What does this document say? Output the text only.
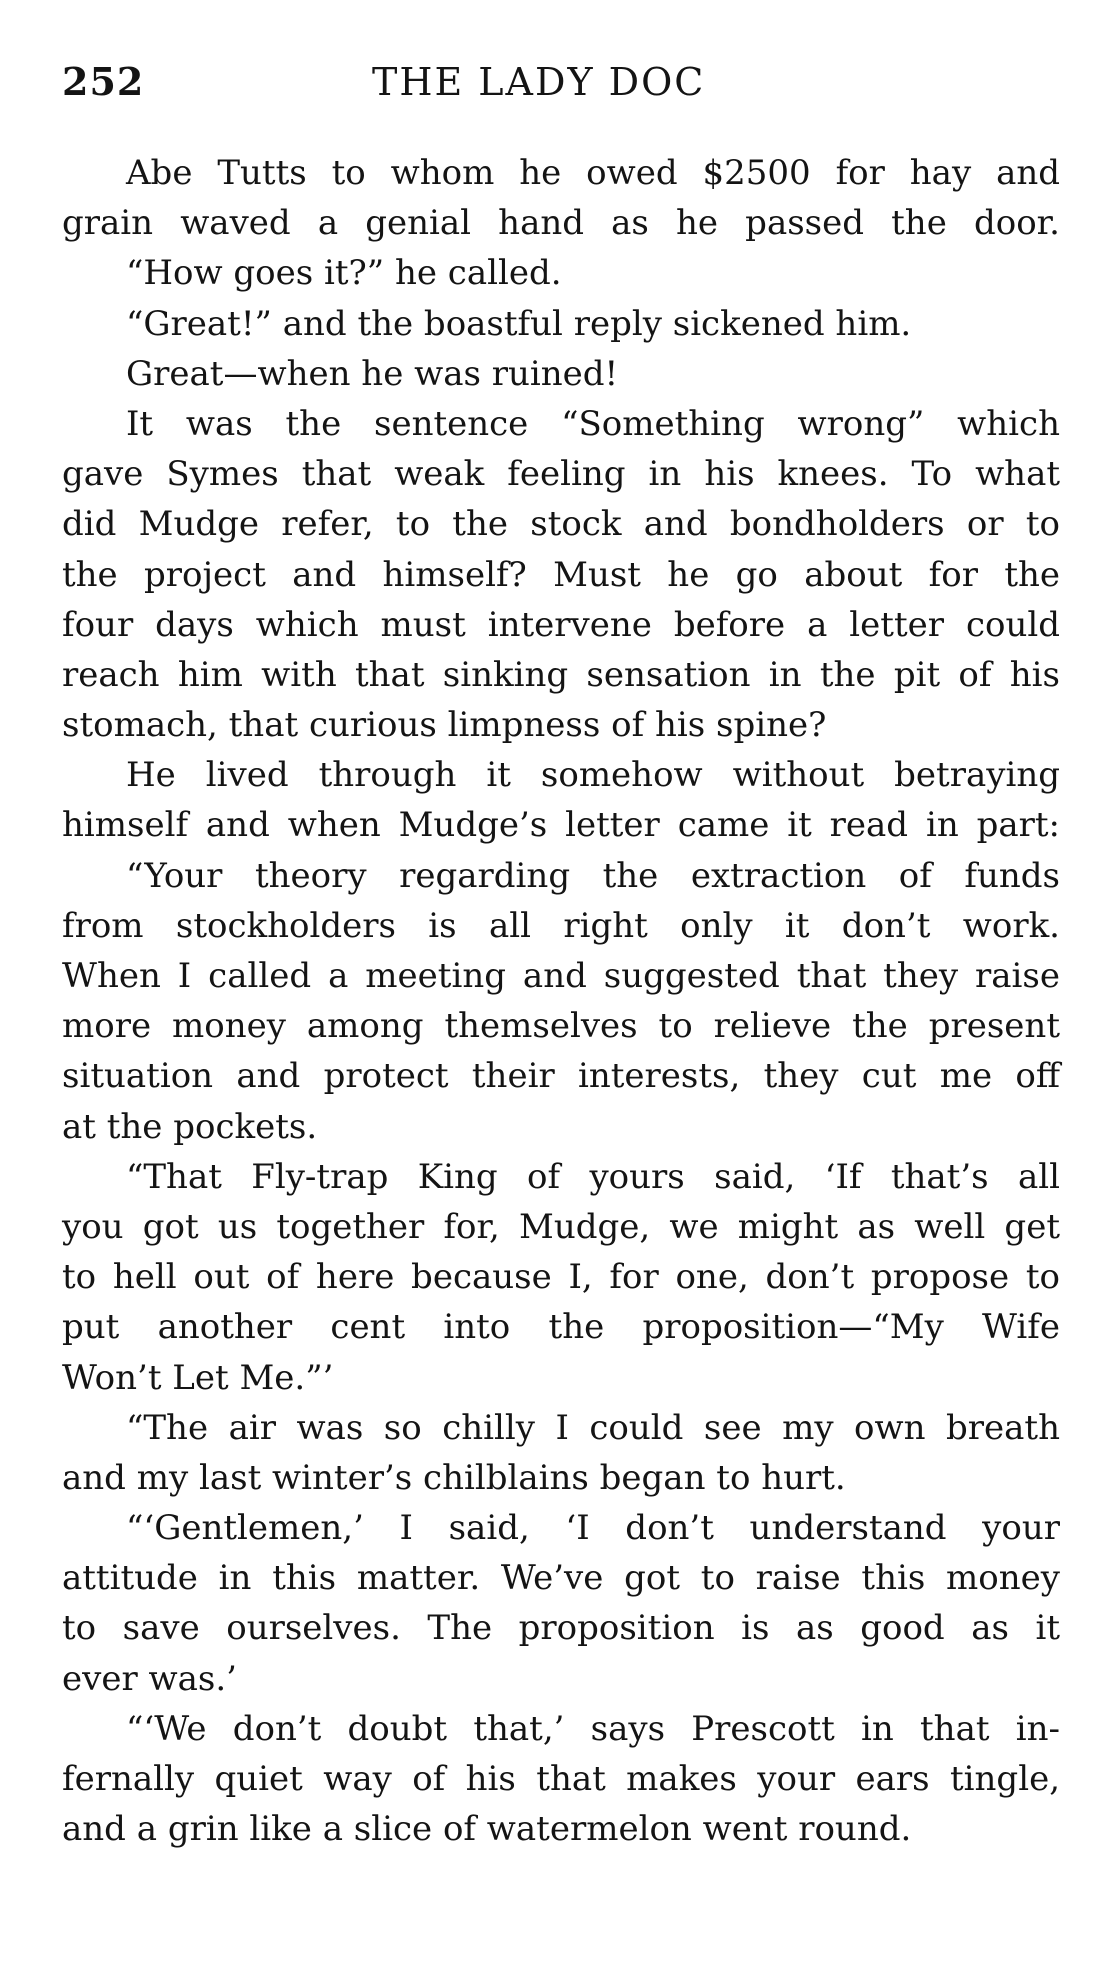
252	THE LADY DOC
Abe Tutts to whom he owed $2500 for hay and
grain waved a genial hand as he passed the door.
“How goes it?” he called.
“Great!” and the boastful reply sickened him.
Great—when he was ruined!
It was the sentence “Something wrong” which
gave Symes that weak feeling in his knees. To what
did Mudge refer, to the stock and bondholders or to
the project and himself? Must he go about for the
four days which must intervene before a letter could
reach him with that sinking sensation in the pit of his
stomach, that curious limpness of his spine?
He lived through it somehow without betraying
himself and when Mudge’s letter came it read in part:
“Your theory regarding the extraction of funds
from stockholders is all right only it don’t work.
When I called a meeting and suggested that they raise
more money among themselves to relieve the present
situation and protect their interests, they cut me off
at the pockets.
“That Fly-trap King of yours said, ‘If that’s all
you got us together for, Mudge, we might as well get
to hell out of here because I, for one, don’t propose to
put another cent into the proposition—“My Wife
Won’t Let Me.”’
“The air was so chilly I could see my own breath
and my last winter’s chilblains began to hurt.
“‘Gentlemen,’ I said, ‘I don’t understand your
attitude in this matter. We’ve got to raise this money
to save ourselves. The proposition is as good as it
ever was.’
“‘We don’t doubt that,’ says Prescott in that in-
fernally quiet way of his that makes your ears tingle,
and a grin like a slice of watermelon went round.
